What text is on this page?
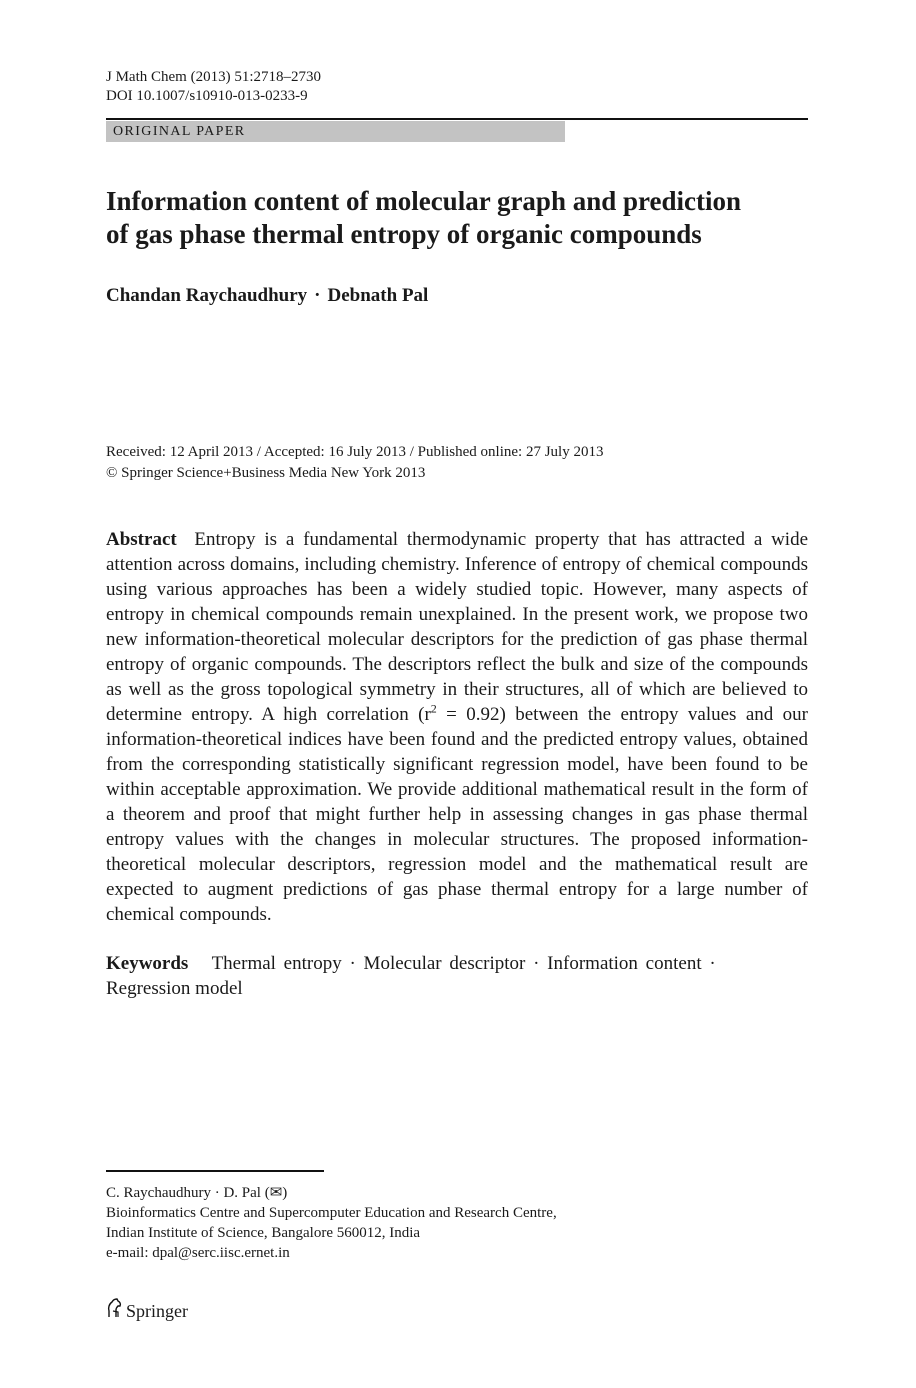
J Math Chem (2013) 51:2718–2730
DOI 10.1007/s10910-013-0233-9
ORIGINAL PAPER
Information content of molecular graph and prediction
of gas phase thermal entropy of organic compounds
Chandan Raychaudhury · Debnath Pal
Received: 12 April 2013 / Accepted: 16 July 2013 / Published online: 27 July 2013
© Springer Science+Business Media New York 2013
Abstract Entropy is a fundamental thermodynamic property that has attracted a wide attention across domains, including chemistry. Inference of entropy of chemical compounds using various approaches has been a widely studied topic. However, many aspects of entropy in chemical compounds remain unexplained. In the present work, we propose two new information-theoretical molecular descriptors for the prediction of gas phase thermal entropy of organic compounds. The descriptors reflect the bulk and size of the compounds as well as the gross topological symmetry in their structures, all of which are believed to determine entropy. A high correlation $(r^2 = 0.92)$ between the entropy values and our information-theoretical indices have been found and the predicted entropy values, obtained from the corresponding statistically significant regression model, have been found to be within acceptable approximation. We provide additional mathematical result in the form of a theorem and proof that might further help in assessing changes in gas phase thermal entropy values with the changes in molecular structures. The proposed information-theoretical molecular descriptors, regression model and the mathematical result are expected to augment predictions of gas phase thermal entropy for a large number of chemical compounds.
Keywords Thermal entropy · Molecular descriptor · Information content ·
Regression model
C. Raychaudhury · D. Pal (✉)
Bioinformatics Centre and Supercomputer Education and Research Centre,
Indian Institute of Science, Bangalore 560012, India
e-mail: dpal@serc.iisc.ernet.in
Springer
